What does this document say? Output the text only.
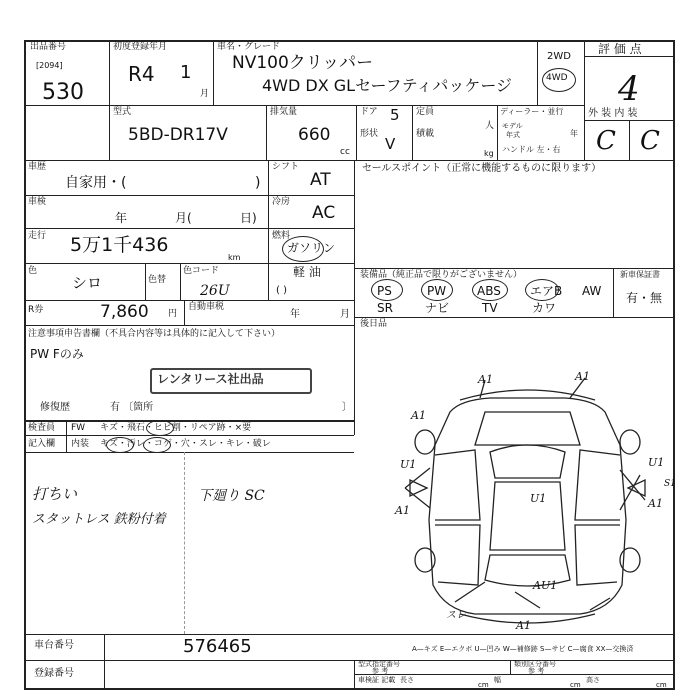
出品番号
[2094]
530
初度登録年月
R4 1
月
車名・グレード
NV100クリッパー
4WD DX GLセーフティパッケージ
2WD
4WD
評 価 点
4
外 装 内 装
C C
型式
5BD-DR17V
排気量
660
cc
ドア 5
形状
V
定員
人
積載
kg
ディーラー・並行
モデル
年式	年
ハンドル 左・右
車歴
自家用・(	)
シフト
AT
セールスポイント（正常に機能するものに限ります）
車検
年	月(	日)
冷房
AC
走行 5万1千436
km
燃料
ガソリン
軽 油
( )
色
シロ	色替
色コード
26U
R券	7,860 円
自動車税
年	月
注意事項申告書欄（不具合内容等は具体的に記入して下さい）
PW Fのみ
レンタリース社出品
修復歴	有 〔箇所	〕
検査員
記入欄
FW キズ・飛石・ヒビ割・リペア跡・×要
内装 キズ・汚レ・コゲ・穴・スレ・キレ・破レ
打ちい
スタットレス 鉄粉付着
下廻り SC
装備品（純正品で限りがございません）	新車保証書
有・無
PS	PW	ABS エアB AW
SR	ナビ	TV	カワ
後日品
A1	A1
A1
U1	U1
A1
U1
S1
A1
AU1
スレ
A1
A—キズ E—エクボ U—凹み W—補修跡 S—サビ C—腐食 XX—交換済
車台番号	576465
登録番号
型式指定番号
参 考
類別区分番号
参 考
車検証 記載 長さ
cm
幅
cm
高さ
cm
